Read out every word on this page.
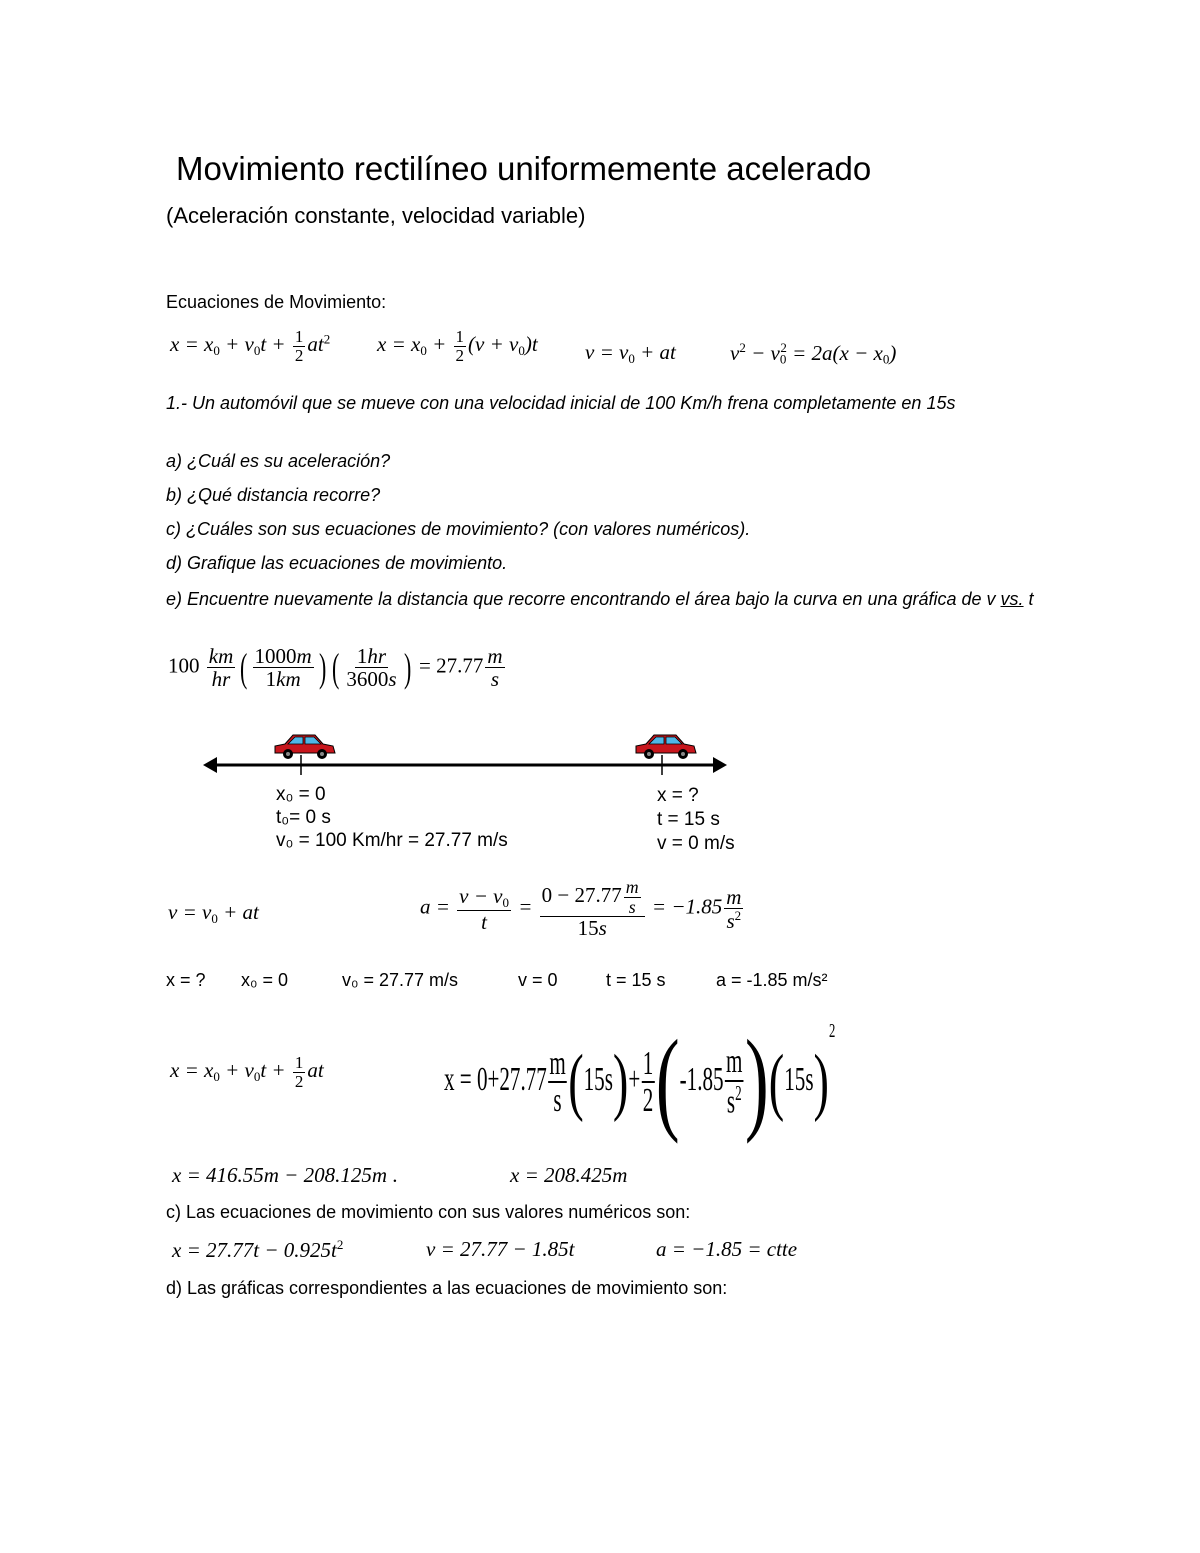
Movimiento rectilíneo uniformemente acelerado
(Aceleración constante, velocidad variable)
Ecuaciones de Movimiento:
$x = x_0 + v_0t + \frac{1}{2} at^2$ $x = x_0 + \frac{1}{2} (v + v_0)t$ $v = v_0$ + at	$v^2 - v_0^2 = 2a(x - x_0)$
1.- Un automóvil que se mueve con una velocidad inicial de 100 Km/h frena completamente en 15s
a) ¿Cuál es su aceleración?
b) ¿Qué distancia recorre?
c) ¿Cuáles son sus ecuaciones de movimiento? (con valores numéricos).
d) Grafique las ecuaciones de movimiento.
e) Encuentre nuevamente la distancia que recorre encontrando el área bajo la curva en una gráfica de v vs. t
$100 \frac{km}{hr}$ ( $\frac{1000m}{1km}$ ) ( $\frac{1hr}{3600s}$ ) = $27.77 \frac{m}{s}$
x₀ = 0
t₀= 0 s
v₀ = 100 Km/hr = 27.77 m/s
x = ?
t = 15 s
v = 0 m/s
$v = v_0$ + at	$a = \frac{v - v_0}{t} = \frac{0 - 27.77 \frac{m}{s}}{15s} = -1.85 \frac{m}{s^2}$
x = ? x₀ = 0	v₀ = 27.77 m/s	v = 0	t = 15 s	a = -1.85 m/s²
$x = x_0 + v_0t + \frac{1}{2}$ at	$x = 0+27.77 \frac{m}{s} (15s)+ \frac{1}{2} (-1.85 \frac{m}{s^2} )(15s)^2$
x = 416.55m − 208.125m .	x = 208.425m
c) Las ecuaciones de movimiento con sus valores numéricos son:
$x = 27.77t - 0.925t^2$	v = 27.77 − 1.85t	a = −1.85 = ctte
d) Las gráficas correspondientes a las ecuaciones de movimiento son:
